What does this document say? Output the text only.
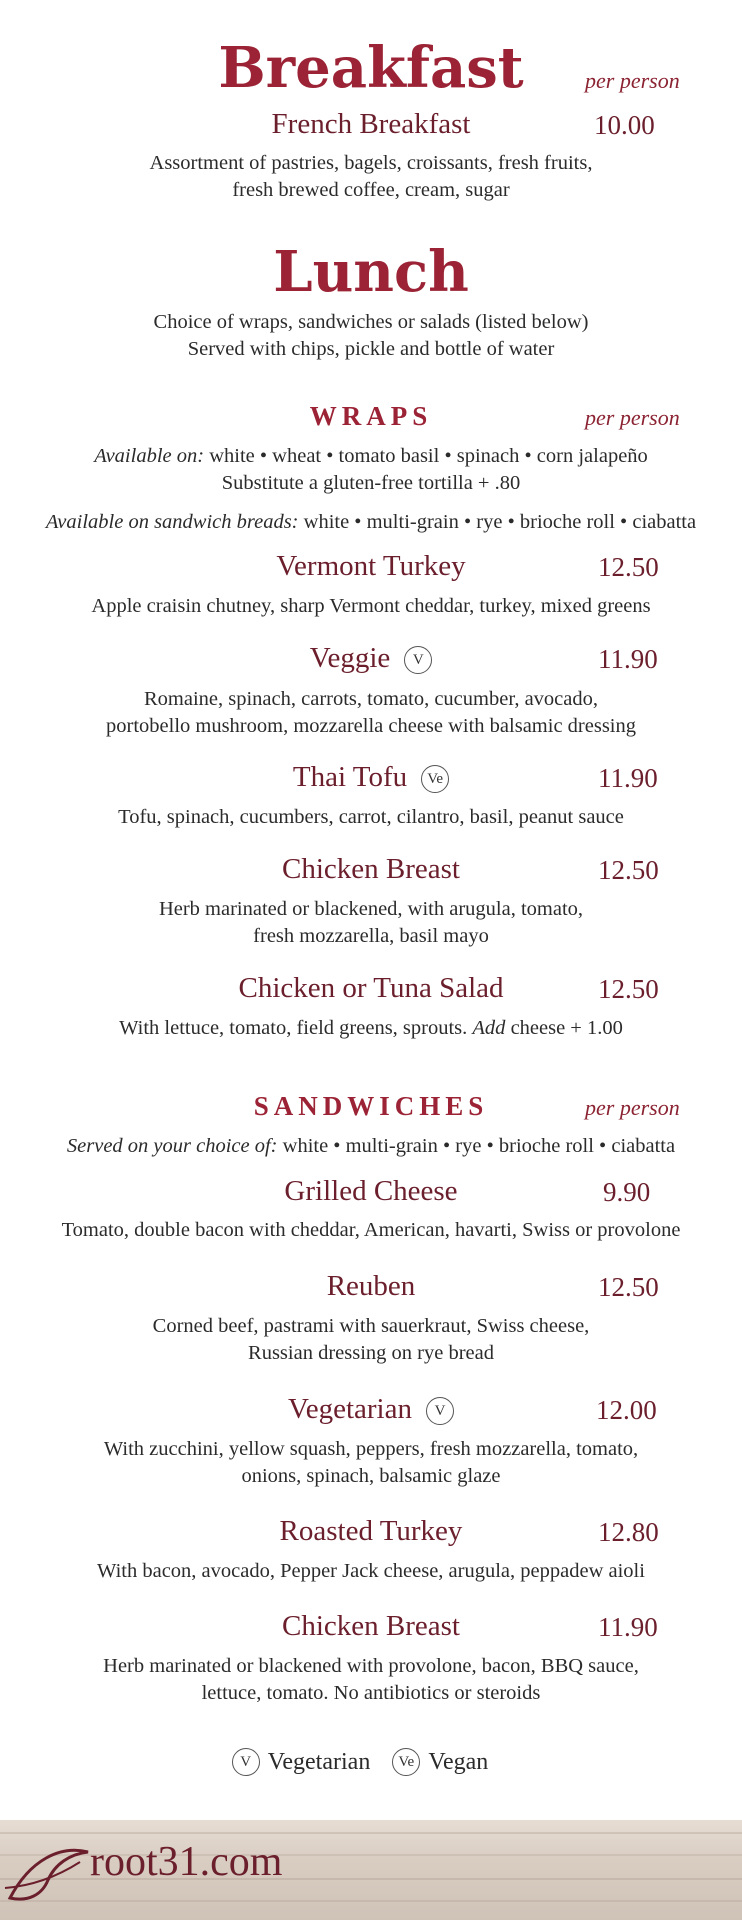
Breakfast	per person
French Breakfast	10.00
Assortment of pastries, bagels, croissants, fresh fruits,
fresh brewed coffee, cream, sugar
Lunch
Choice of wraps, sandwiches or salads (listed below)
Served with chips, pickle and bottle of water
WRAPS	per person
Available on: white • wheat • tomato basil • spinach • corn jalapeño
Substitute a gluten-free tortilla + .80
Available on sandwich breads: white • multi-grain • rye • brioche roll • ciabatta
Vermont Turkey	12.50
Apple craisin chutney, sharp Vermont cheddar, turkey, mixed greens
Veggie V	11.90
Romaine, spinach, carrots, tomato, cucumber, avocado,
portobello mushroom, mozzarella cheese with balsamic dressing
Thai Tofu Ve	11.90
Tofu, spinach, cucumbers, carrot, cilantro, basil, peanut sauce
Chicken Breast	12.50
Herb marinated or blackened, with arugula, tomato,
fresh mozzarella, basil mayo
Chicken or Tuna Salad	12.50
With lettuce, tomato, field greens, sprouts. Add cheese + 1.00
SANDWICHES	per person
Served on your choice of: white • multi-grain • rye • brioche roll • ciabatta
Grilled Cheese	9.90
Tomato, double bacon with cheddar, American, havarti, Swiss or provolone
Reuben	12.50
Corned beef, pastrami with sauerkraut, Swiss cheese,
Russian dressing on rye bread
Vegetarian V	12.00
With zucchini, yellow squash, peppers, fresh mozzarella, tomato,
onions, spinach, balsamic glaze
Roasted Turkey	12.80
With bacon, avocado, Pepper Jack cheese, arugula, peppadew aioli
Chicken Breast	11.90
Herb marinated or blackened with provolone, bacon, BBQ sauce,
lettuce, tomato. No antibiotics or steroids
V Vegetarian Ve Vegan
root31.com
